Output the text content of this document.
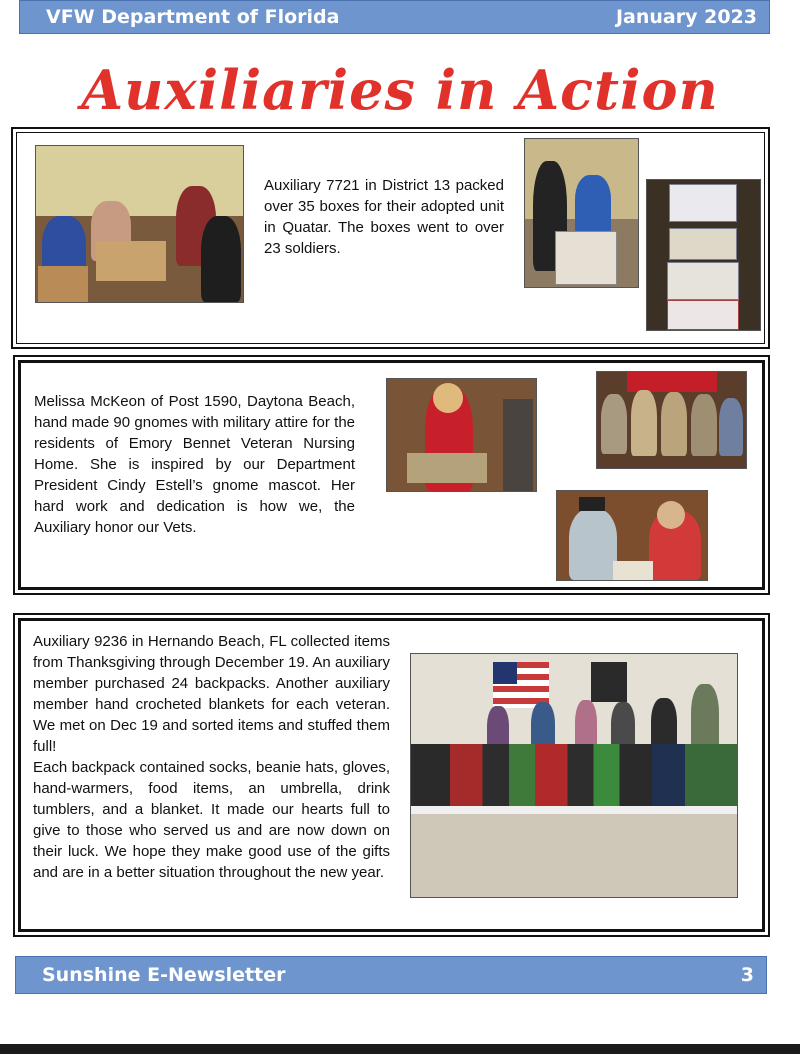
VFW Department of Florida	January 2023
Auxiliaries in Action
Auxiliary 7721 in District 13 packed over 35 boxes for their adopted unit in Quatar. The boxes went to over 23 soldiers.
Melissa McKeon of Post 1590, Daytona Beach, hand made 90 gnomes with military attire for the residents of Emory Bennet Veteran Nursing Home. She is inspired by our Department President Cindy Estell’s gnome mascot. Her hard work and dedication is how we, the Auxiliary honor our Vets.
Auxiliary 9236 in Hernando Beach, FL collected items from Thanksgiving through December 19. An auxiliary member purchased 24 backpacks. Another auxiliary member hand crocheted blankets for each veteran. We met on Dec 19 and sorted items and stuffed them full!
Each backpack contained socks, beanie hats, gloves, hand-warmers, food items, an umbrella, drink tumblers, and a blanket. It made our hearts full to give to those who served us and are now down on their luck. We hope they make good use of the gifts and are in a better situation throughout the new year.
Sunshine E-Newsletter	3
